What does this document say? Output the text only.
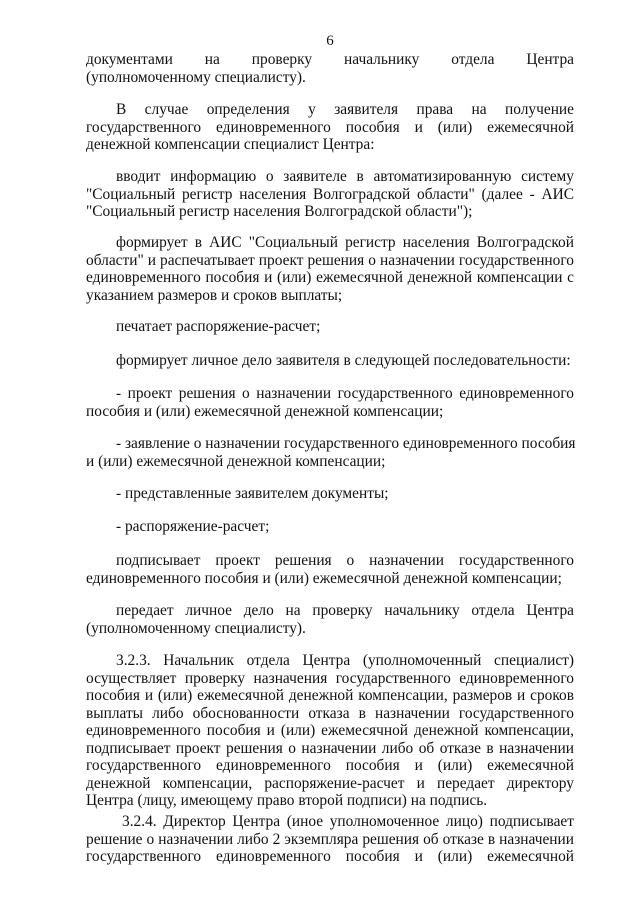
6
документами на проверку начальнику отдела Центра
(уполномоченному специалисту).
В случае определения у заявителя права на получение
государственного единовременного пособия и (или) ежемесячной
денежной компенсации специалист Центра:
вводит информацию о заявителе в автоматизированную систему
"Социальный регистр населения Волгоградской области" (далее - АИС
"Социальный регистр населения Волгоградской области");
формирует в АИС "Социальный регистр населения Волгоградской
области" и распечатывает проект решения о назначении государственного
единовременного пособия и (или) ежемесячной денежной компенсации с
указанием размеров и сроков выплаты;
печатает распоряжение-расчет;
формирует личное дело заявителя в следующей последовательности:
- проект решения о назначении государственного единовременного
пособия и (или) ежемесячной денежной компенсации;
- заявление о назначении государственного единовременного пособия
и (или) ежемесячной денежной компенсации;
- представленные заявителем документы;
- распоряжение-расчет;
подписывает проект решения о назначении государственного
единовременного пособия и (или) ежемесячной денежной компенсации;
передает личное дело на проверку начальнику отдела Центра
(уполномоченному специалисту).
3.2.3. Начальник отдела Центра (уполномоченный специалист)
осуществляет проверку назначения государственного единовременного
пособия и (или) ежемесячной денежной компенсации, размеров и сроков
выплаты либо обоснованности отказа в назначении государственного
единовременного пособия и (или) ежемесячной денежной компенсации,
подписывает проект решения о назначении либо об отказе в назначении
государственного единовременного пособия и (или) ежемесячной
денежной компенсации, распоряжение-расчет и передает директору
Центра (лицу, имеющему право второй подписи) на подпись.
3.2.4. Директор Центра (иное уполномоченное лицо) подписывает
решение о назначении либо 2 экземпляра решения об отказе в назначении
государственного единовременного пособия и (или) ежемесячной
